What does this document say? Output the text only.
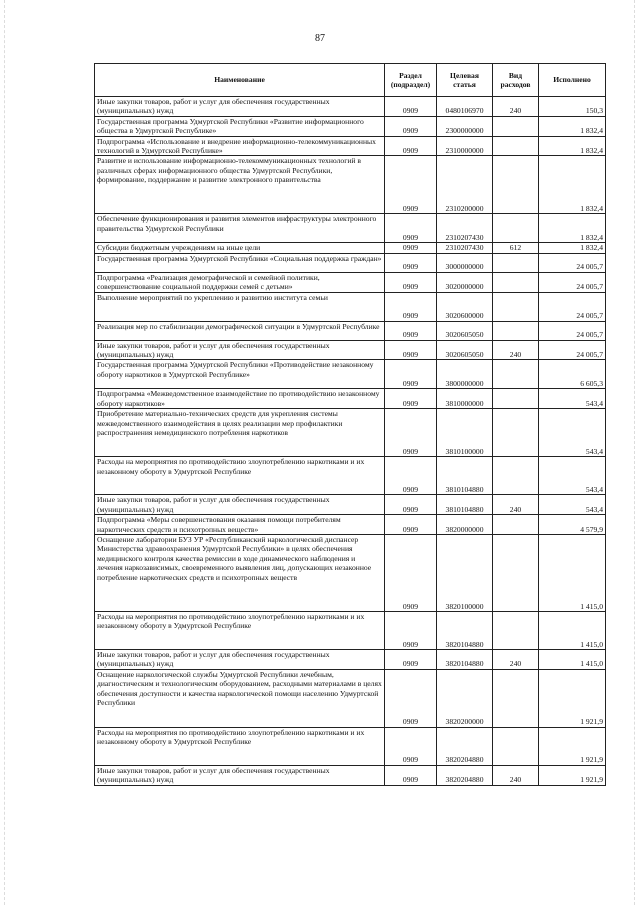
87
Наименование	Раздел (подраздел)	Целевая статья	Вид расходов	Исполнено
Иные закупки товаров, работ и услуг для обеспечения государственных (муниципальных) нужд	0909	0480106970	240	150,3
Государственная программа Удмуртской Республики «Развитие информационного общества в Удмуртской Республике»	0909	2300000000		1 832,4
Подпрограмма «Использование и внедрение информационно-телекоммуникационных технологий в Удмуртской Республике»	0909	2310000000		1 832,4
Развитие и использование информационно-телекоммуникационных технологий в различных сферах информационного общества Удмуртской Республики, формирование, поддержание и развитие электронного правительства	0909	2310200000		1 832,4
Обеспечение функционирования и развития элементов инфраструктуры электронного правительства Удмуртской Республики	0909	2310207430		1 832,4
Субсидии бюджетным учреждениям на иные цели	0909	2310207430	612	1 832,4
Государственная программа Удмуртской Республики «Социальная поддержка граждан»	0909	3000000000		24 005,7
Подпрограмма «Реализация демографической и семейной политики, совершенствование социальной поддержки семей с детьми»	0909	3020000000		24 005,7
Выполнение мероприятий по укреплению и развитию института семьи	0909	3020600000		24 005,7
Реализация мер по стабилизации демографической ситуации в Удмуртской Республике	0909	3020605050		24 005,7
Иные закупки товаров, работ и услуг для обеспечения государственных (муниципальных) нужд	0909	3020605050	240	24 005,7
Государственная программа Удмуртской Республики «Противодействие незаконному обороту наркотиков в Удмуртской Республике»	0909	3800000000		6 605,3
Подпрограмма «Межведомственное взаимодействие по противодействию незаконному обороту наркотиков»	0909	3810000000		543,4
Приобретение материально-технических средств для укрепления системы межведомственного взаимодействия в целях реализации мер профилактики распространения немедицинского потребления наркотиков	0909	3810100000		543,4
Расходы на мероприятия по противодействию злоупотреблению наркотиками и их незаконному обороту в Удмуртской Республике	0909	3810104880		543,4
Иные закупки товаров, работ и услуг для обеспечения государственных (муниципальных) нужд	0909	3810104880	240	543,4
Подпрограмма «Меры совершенствования оказания помощи потребителям наркотических средств и психотропных веществ»	0909	3820000000		4 579,9
Оснащение лаборатории БУЗ УР «Республиканский наркологический диспансер Министерства здравоохранения Удмуртской Республики» в целях обеспечения медицинского контроля качества ремиссии в ходе динамического наблюдения и лечения наркозависимых, своевременного выявления лиц, допускающих незаконное потребление наркотических средств и психотропных веществ	0909	3820100000		1 415,0
Расходы на мероприятия по противодействию злоупотреблению наркотиками и их незаконному обороту в Удмуртской Республике	0909	3820104880		1 415,0
Иные закупки товаров, работ и услуг для обеспечения государственных (муниципальных) нужд	0909	3820104880	240	1 415,0
Оснащение наркологической службы Удмуртской Республики лечебным, диагностическим и технологическим оборудованием, расходными материалами в целях обеспечения доступности и качества наркологической помощи населению Удмуртской Республики	0909	3820200000		1 921,9
Расходы на мероприятия по противодействию злоупотреблению наркотиками и их незаконному обороту в Удмуртской Республике	0909	3820204880		1 921,9
Иные закупки товаров, работ и услуг для обеспечения государственных (муниципальных) нужд	0909	3820204880	240	1 921,9
